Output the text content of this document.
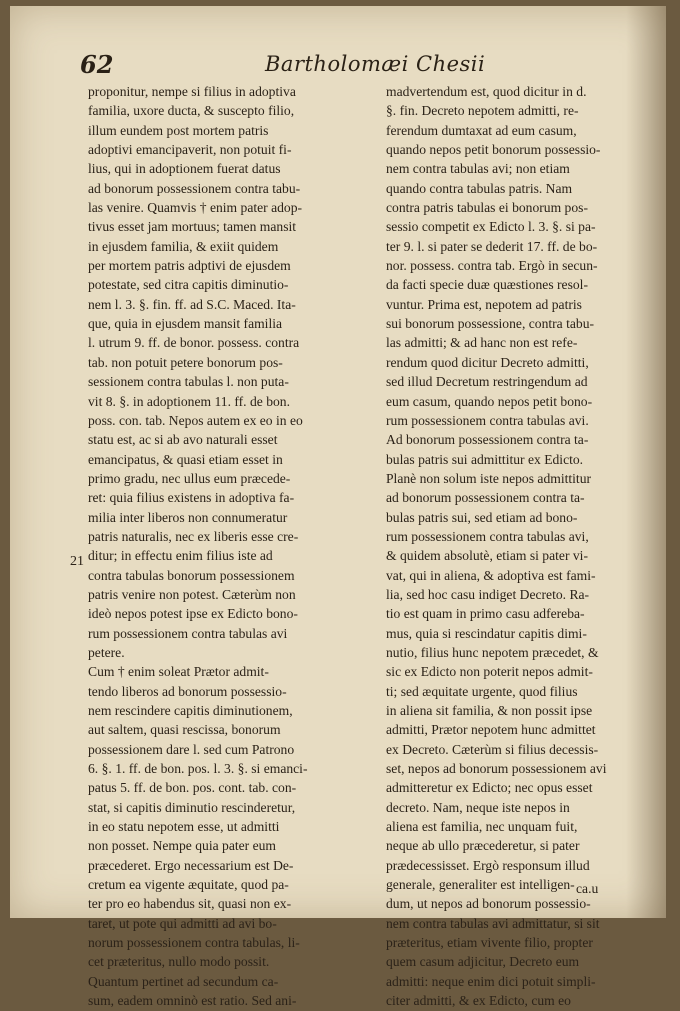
62	Bartholomæi Chesii
proponitur, nempe si filius in adoptiva
familia, uxore ducta, & suscepto filio,
illum eundem post mortem patris
adoptivi emancipaverit, non potuit fi-
lius, qui in adoptionem fuerat datus
ad bonorum possessionem contra tabu-
las venire. Quamvis † enim pater adop-
tivus esset jam mortuus; tamen mansit
in ejusdem familia, & exiit quidem
per mortem patris adptivi de ejusdem
potestate, sed citra capitis diminutio-
nem l. 3. §. fin. ff. ad S.C. Maced. Ita-
que, quia in ejusdem mansit familia
l. utrum 9. ff. de bonor. possess. contra
tab. non potuit petere bonorum pos-
sessionem contra tabulas l. non puta-
vit 8. §. in adoptionem 11. ff. de bon.
poss. con. tab. Nepos autem ex eo in eo
statu est, ac si ab avo naturali esset
emancipatus, & quasi etiam esset in
primo gradu, nec ullus eum præcede-
ret: quia filius existens in adoptiva fa-
milia inter liberos non connumeratur
patris naturalis, nec ex liberis esse cre-
ditur; in effectu enim filius iste ad
contra tabulas bonorum possessionem
patris venire non potest. Cæterùm non
ideò nepos potest ipse ex Edicto bono-
rum possessionem contra tabulas avi
petere.
Cum † enim soleat Prætor admit-
tendo liberos ad bonorum possessio-
nem rescindere capitis diminutionem,
aut saltem, quasi rescissa, bonorum
possessionem dare l. sed cum Patrono
6. §. 1. ff. de bon. pos. l. 3. §. si emanci-
patus 5. ff. de bon. pos. cont. tab. con-
stat, si capitis diminutio rescinderetur,
in eo statu nepotem esse, ut admitti
non posset. Nempe quia pater eum
præcederet. Ergo necessarium est De-
cretum ea vigente æquitate, quod pa-
ter pro eo habendus sit, quasi non ex-
taret, ut pote qui admitti ad avi bo-
norum possessionem contra tabulas, li-
cet præteritus, nullo modo possit.
Quantum pertinet ad secundum ca-
sum, eadem omninò est ratio. Sed ani-
madvertendum est, quod dicitur in d.
§. fin. Decreto nepotem admitti, re-
ferendum dumtaxat ad eum casum,
quando nepos petit bonorum possessio-
nem contra tabulas avi; non etiam
quando contra tabulas patris. Nam
contra patris tabulas ei bonorum pos-
sessio competit ex Edicto l. 3. §. si pa-
ter 9. l. si pater se dederit 17. ff. de bo-
nor. possess. contra tab. Ergò in secun-
da facti specie duæ quæstiones resol-
vuntur. Prima est, nepotem ad patris
sui bonorum possessione, contra tabu-
las admitti; & ad hanc non est refe-
rendum quod dicitur Decreto admitti,
sed illud Decretum restringendum ad
eum casum, quando nepos petit bono-
rum possessionem contra tabulas avi.
Ad bonorum possessionem contra ta-
bulas patris sui admittitur ex Edicto.
Planè non solum iste nepos admittitur
ad bonorum possessionem contra ta-
bulas patris sui, sed etiam ad bono-
rum possessionem contra tabulas avi,
& quidem absolutè, etiam si pater vi-
vat, qui in aliena, & adoptiva est fami-
lia, sed hoc casu indiget Decreto. Ra-
tio est quam in primo casu adfereba-
mus, quia si rescindatur capitis dimi-
nutio, filius hunc nepotem præcedet, &
sic ex Edicto non poterit nepos admit-
ti; sed æquitate urgente, quod filius
in aliena sit familia, & non possit ipse
admitti, Prætor nepotem hunc admittet
ex Decreto. Cæterùm si filius decessis-
set, nepos ad bonorum possessionem avi
admitteretur ex Edicto; nec opus esset
decreto. Nam, neque iste nepos in
aliena est familia, nec unquam fuit,
neque ab ullo præcederetur, si pater
prædecessisset. Ergò responsum illud
generale, generaliter est intelligen-
dum, ut nepos ad bonorum possessio-
nem contra tabulas avi admittatur, si sit
præteritus, etiam vivente filio, propter
quem casum adjicitur, Decreto eum
admitti: neque enim dici potuit simpli-
citer admitti, & ex Edicto, cum eo
21
ca.u
